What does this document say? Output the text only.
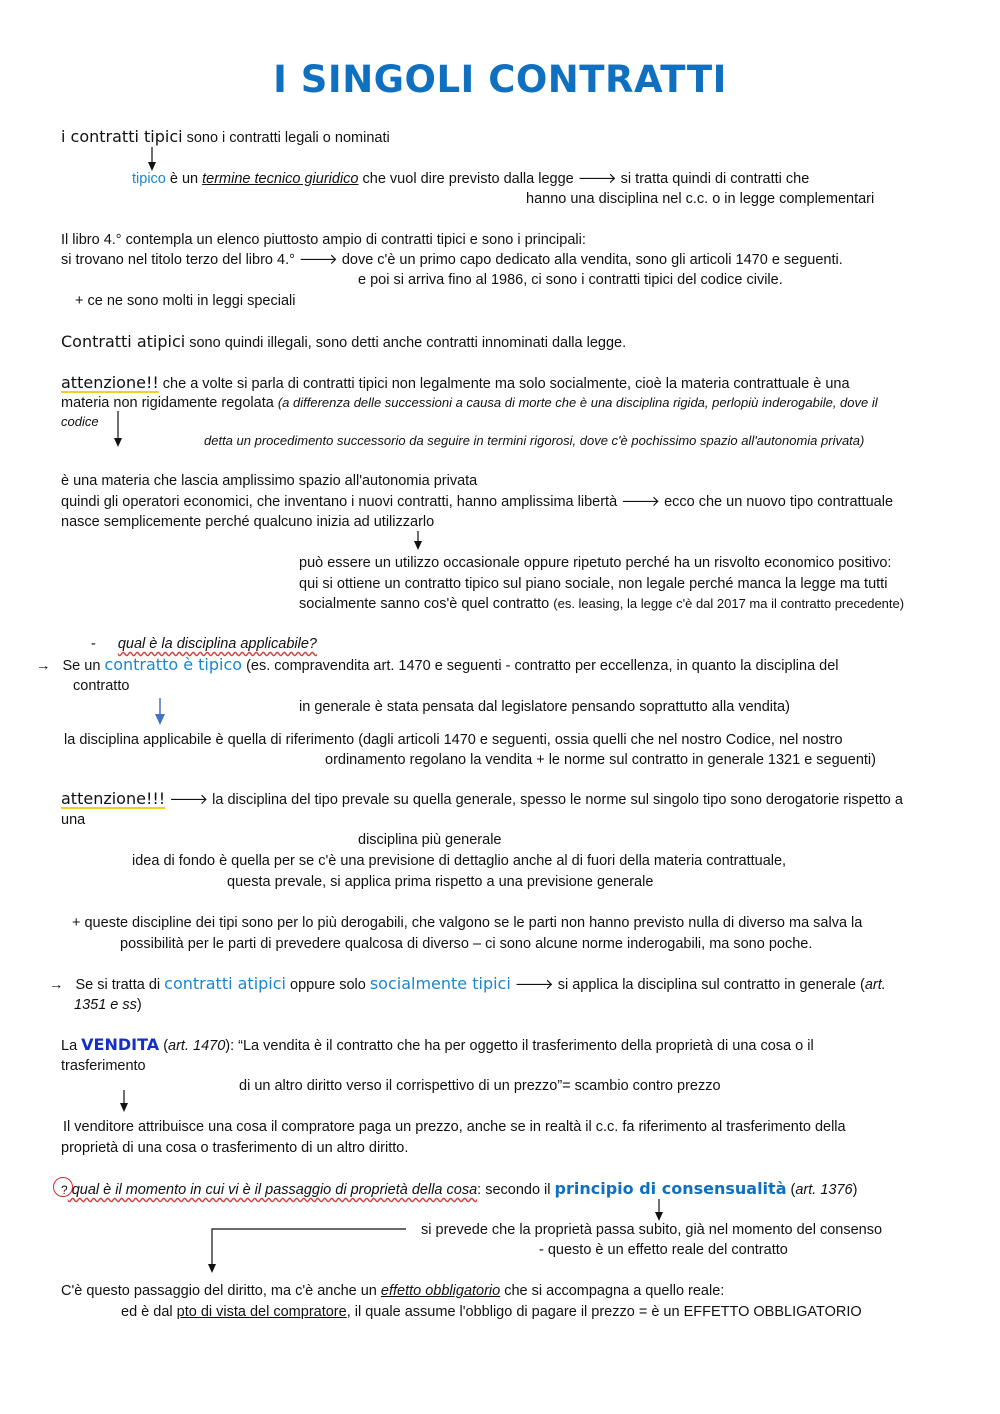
I SINGOLI CONTRATTI
i contratti tipici sono i contratti legali o nominati
tipico è un termine tecnico giuridico che vuol dire previsto dalla legge 🡒 si tratta quindi di contratti che
hanno una disciplina nel c.c. o in legge complementari
Il libro 4.° contempla un elenco piuttosto ampio di contratti tipici e sono i principali:
si trovano nel titolo terzo del libro 4.° 🡒 dove c'è un primo capo dedicato alla vendita, sono gli articoli 1470 e seguenti.
e poi si arriva fino al 1986, ci sono i contratti tipici del codice civile.
+ ce ne sono molti in leggi speciali
Contratti atipici sono quindi illegali, sono detti anche contratti innominati dalla legge.
attenzione!! che a volte si parla di contratti tipici non legalmente ma solo socialmente, cioè la materia contrattuale è una
materia non rigidamente regolata (a differenza delle successioni a causa di morte che è una disciplina rigida, perlopiù inderogabile, dove il
codice
detta un procedimento successorio da seguire in termini rigorosi, dove c'è pochissimo spazio all'autonomia privata)
è una materia che lascia amplissimo spazio all'autonomia privata
quindi gli operatori economici, che inventano i nuovi contratti, hanno amplissima libertà 🡒 ecco che un nuovo tipo contrattuale
nasce semplicemente perché qualcuno inizia ad utilizzarlo
può essere un utilizzo occasionale oppure ripetuto perché ha un risvolto economico positivo:
qui si ottiene un contratto tipico sul piano sociale, non legale perché manca la legge ma tutti
socialmente sanno cos'è quel contratto (es. leasing, la legge c'è dal 2017 ma il contratto precedente)
- qual è la disciplina applicabile?
→ Se un contratto è tipico (es. compravendita art. 1470 e seguenti - contratto per eccellenza, in quanto la disciplina del
contratto
in generale è stata pensata dal legislatore pensando soprattutto alla vendita)
la disciplina applicabile è quella di riferimento (dagli articoli 1470 e seguenti, ossia quelli che nel nostro Codice, nel nostro
ordinamento regolano la vendita + le norme sul contratto in generale 1321 e seguenti)
attenzione!!! 🡒 la disciplina del tipo prevale su quella generale, spesso le norme sul singolo tipo sono derogatorie rispetto a
una
disciplina più generale
idea di fondo è quella per se c'è una previsione di dettaglio anche al di fuori della materia contrattuale,
questa prevale, si applica prima rispetto a una previsione generale
+ queste discipline dei tipi sono per lo più derogabili, che valgono se le parti non hanno previsto nulla di diverso ma salva la
possibilità per le parti di prevedere qualcosa di diverso – ci sono alcune norme inderogabili, ma sono poche.
→ Se si tratta di contratti atipici oppure solo socialmente tipici 🡒 si applica la disciplina sul contratto in generale (art.
1351 e ss)
La VENDITA (art. 1470): “La vendita è il contratto che ha per oggetto il trasferimento della proprietà di una cosa o il
trasferimento
di un altro diritto verso il corrispettivo di un prezzo”= scambio contro prezzo
Il venditore attribuisce una cosa il compratore paga un prezzo, anche se in realtà il c.c. fa riferimento al trasferimento della
proprietà di una cosa o trasferimento di un altro diritto.
? qual è il momento in cui vi è il passaggio di proprietà della cosa: secondo il principio di consensualità (art. 1376)
si prevede che la proprietà passa subito, già nel momento del consenso
- questo è un effetto reale del contratto
C'è questo passaggio del diritto, ma c'è anche un effetto obbligatorio che si accompagna a quello reale:
ed è dal pto di vista del compratore, il quale assume l'obbligo di pagare il prezzo = è un EFFETTO OBBLIGATORIO
